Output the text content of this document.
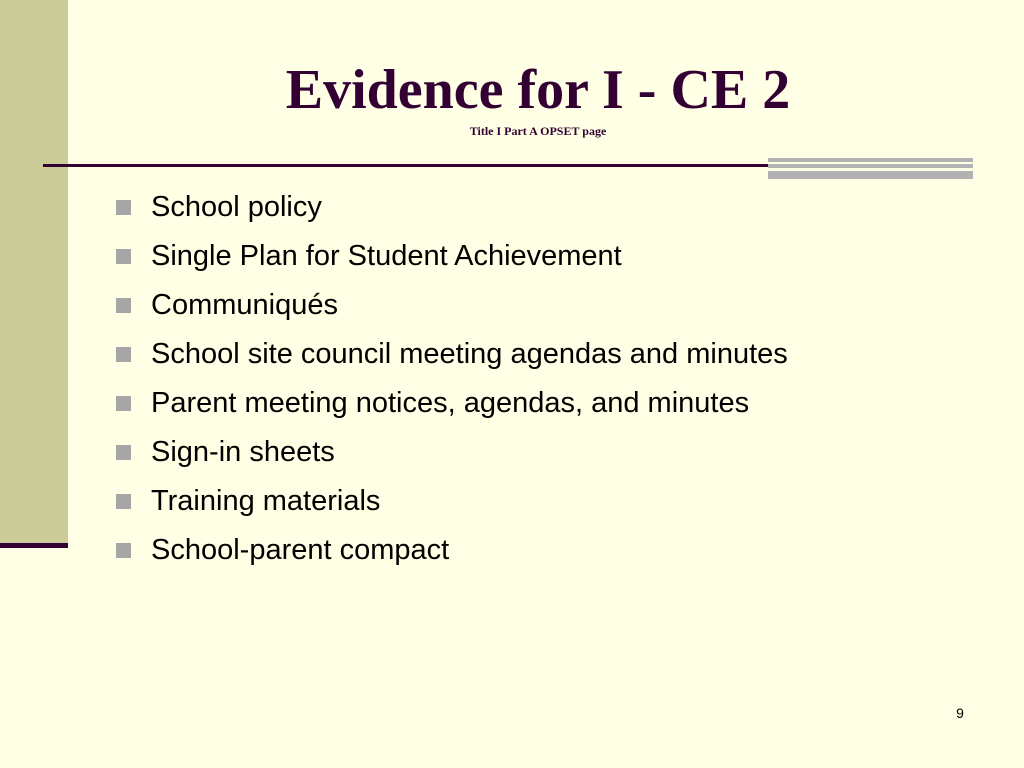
Evidence for I - CE 2
Title I Part A OPSET page
School policy
Single Plan for Student Achievement
Communiqués
School site council meeting agendas and minutes
Parent meeting notices, agendas, and minutes
Sign-in sheets
Training materials
School-parent compact
9
